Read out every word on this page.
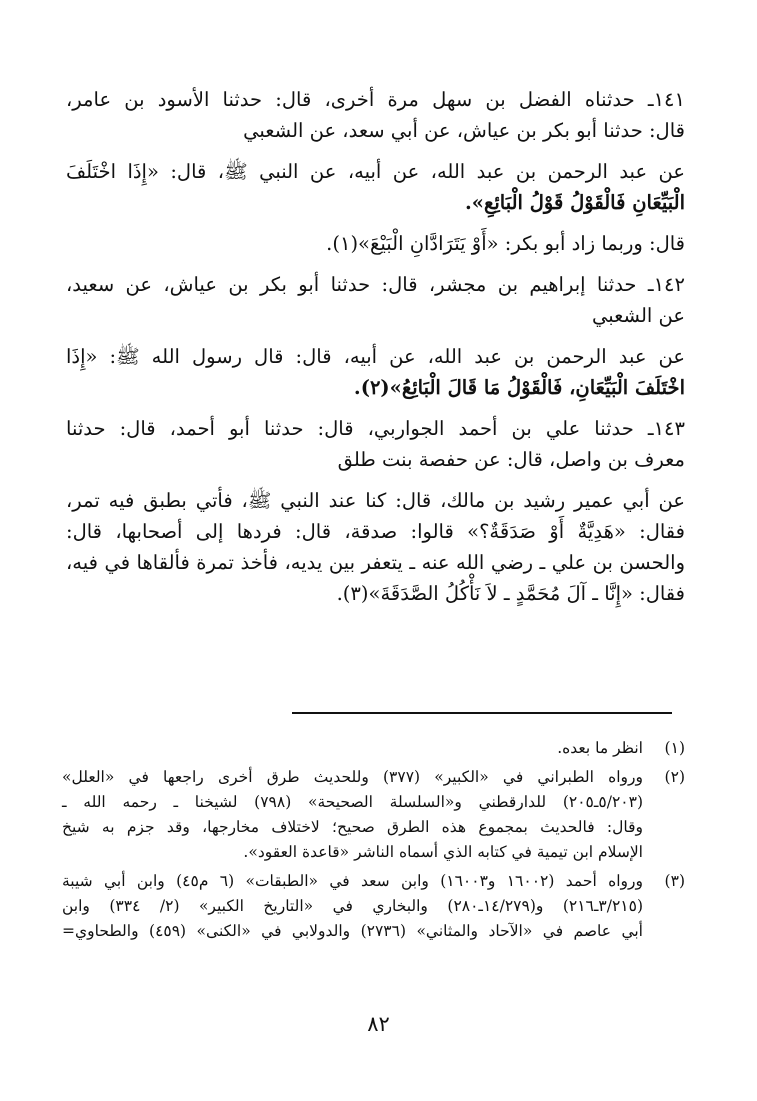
١٤١ـ حدثناه الفضل بن سهل مرة أخرى، قال: حدثنا الأسود بن عامر،
قال: حدثنا أبو بكر بن عياش، عن أبي سعد، عن الشعبي
عن عبد الرحمن بن عبد الله، عن أبيه، عن النبي ﷺ، قال: «إِذَا اخْتَلَفَ
الْبَيِّعَانِ فَالْقَوْلُ قَوْلُ الْبَائِعِ».
قال: وربما زاد أبو بكر: «أَوْ يَتَرَادَّانِ الْبَيْعَ»(١).
١٤٢ـ حدثنا إبراهيم بن مجشر، قال: حدثنا أبو بكر بن عياش، عن سعيد،
عن الشعبي
عن عبد الرحمن بن عبد الله، عن أبيه، قال: قال رسول الله ﷺ: «إِذَا
اخْتَلَفَ الْبَيِّعَانِ، فَالْقَوْلُ مَا قَالَ الْبَائِعُ»(٢).
١٤٣ـ حدثنا علي بن أحمد الجواربي، قال: حدثنا أبو أحمد، قال: حدثنا
معرف بن واصل، قال: عن حفصة بنت طلق
عن أبي عمير رشيد بن مالك، قال: كنا عند النبي ﷺ، فأتي بطبق فيه تمر،
فقال: «هَدِيَّةٌ أَوْ صَدَقَةٌ؟» قالوا: صدقة، قال: فردها إلى أصحابها، قال:
والحسن بن علي ـ رضي الله عنه ـ يتعفر بين يديه، فأخذ تمرة فألقاها في فيه،
فقال: «إِنَّا ـ آلَ مُحَمَّدٍ ـ لاَ نَأْكُلُ الصَّدَقَةَ»(٣).
(١)
انظر ما بعده.
(٢)
ورواه الطبراني في «الكبير» (٣٧٧) وللحديث طرق أخرى راجعها في «العلل»
(٥/٢٠٣ـ٢٠٥) للدارقطني و«السلسلة الصحيحة» (٧٩٨) لشيخنا ـ رحمه الله ـ
وقال: فالحديث بمجموع هذه الطرق صحيح؛ لاختلاف مخارجها، وقد جزم به شيخ
الإسلام ابن تيمية في كتابه الذي أسماه الناشر «قاعدة العقود».
(٣)
ورواه أحمد (١٦٠٠٢ و١٦٠٠٣) وابن سعد في «الطبقات» (٦ م٤٥) وابن أبي شيبة
(٣/٢١٥ـ٢١٦) و(١٤/٢٧٩ـ٢٨٠) والبخاري في «التاريخ الكبير» (٢/ ٣٣٤) وابن
أبي عاصم في «الآحاد والمثاني» (٢٧٣٦) والدولابي في «الكنى» (٤٥٩) والطحاوي=
٨٢
